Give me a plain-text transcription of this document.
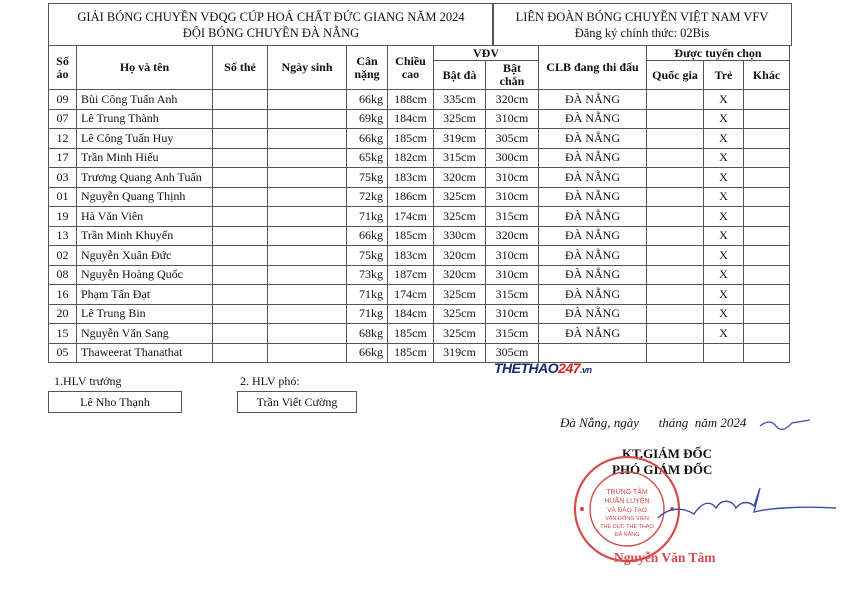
GIẢI BÓNG CHUYỀN VĐQG CÚP HOÁ CHẤT ĐỨC GIANG NĂM 2024 ĐỘI BÓNG CHUYỀN ĐÀ NẴNG
LIÊN ĐOÀN BÓNG CHUYỀN VIỆT NAM VFV
Đăng ký chính thức: 02Bis
Số áo	Họ và tên	Số thẻ	Ngày sinh	Cân nặng	Chiều cao	VĐV		CLB đang thi đấu	Được tuyển chọn		
						Bật đà	Bật chắn		Quốc gia	Trẻ	Khác
09	Bùi Công Tuấn Anh			66kg	188cm	335cm	320cm	ĐÀ NẴNG		X	
07	Lê Trung Thành			69kg	184cm	325cm	310cm	ĐÀ NẴNG		X	
12	Lê Công Tuấn Huy			66kg	185cm	319cm	305cm	ĐÀ NẴNG		X	
17	Trần Minh Hiếu			65kg	182cm	315cm	300cm	ĐÀ NẴNG		X	
03	Trương Quang Anh Tuấn			75kg	183cm	320cm	310cm	ĐÀ NẴNG		X	
01	Nguyễn Quang Thịnh			72kg	186cm	325cm	310cm	ĐÀ NẴNG		X	
19	Hà Văn Viên			71kg	174cm	325cm	315cm	ĐÀ NẴNG		X	
13	Trần Minh Khuyến			66kg	185cm	330cm	320cm	ĐÀ NẴNG		X	
02	Nguyễn Xuân Đức			75kg	183cm	320cm	310cm	ĐÀ NẴNG		X	
08	Nguyễn Hoàng Quốc			73kg	187cm	320cm	310cm	ĐÀ NẴNG		X	
16	Phạm Tấn Đạt			71kg	174cm	325cm	315cm	ĐÀ NẴNG		X	
20	Lê Trung Bin			71kg	184cm	325cm	310cm	ĐÀ NẴNG		X	
15	Nguyễn Văn Sang			68kg	185cm	325cm	315cm	ĐÀ NẴNG		X	
05	Thaweerat Thanathat			66kg	185cm	319cm	305cm				
1.HLV trưởng
Lê Nho Thạnh
2. HLV phó:
Trần Viết Cường
THETHAO247.vn
Đà Nẵng, ngày      tháng  năm 2024
KT.GIÁM ĐỐC
PHÓ GIÁM ĐỐC
TRUNG TÂM
HUẤN LUYỆN
VÀ ĐÀO TẠO
VẬN ĐỘNG VIÊN
THỂ DỤC THỂ THAO
ĐÀ NẴNG
Nguyễn Văn Tâm
